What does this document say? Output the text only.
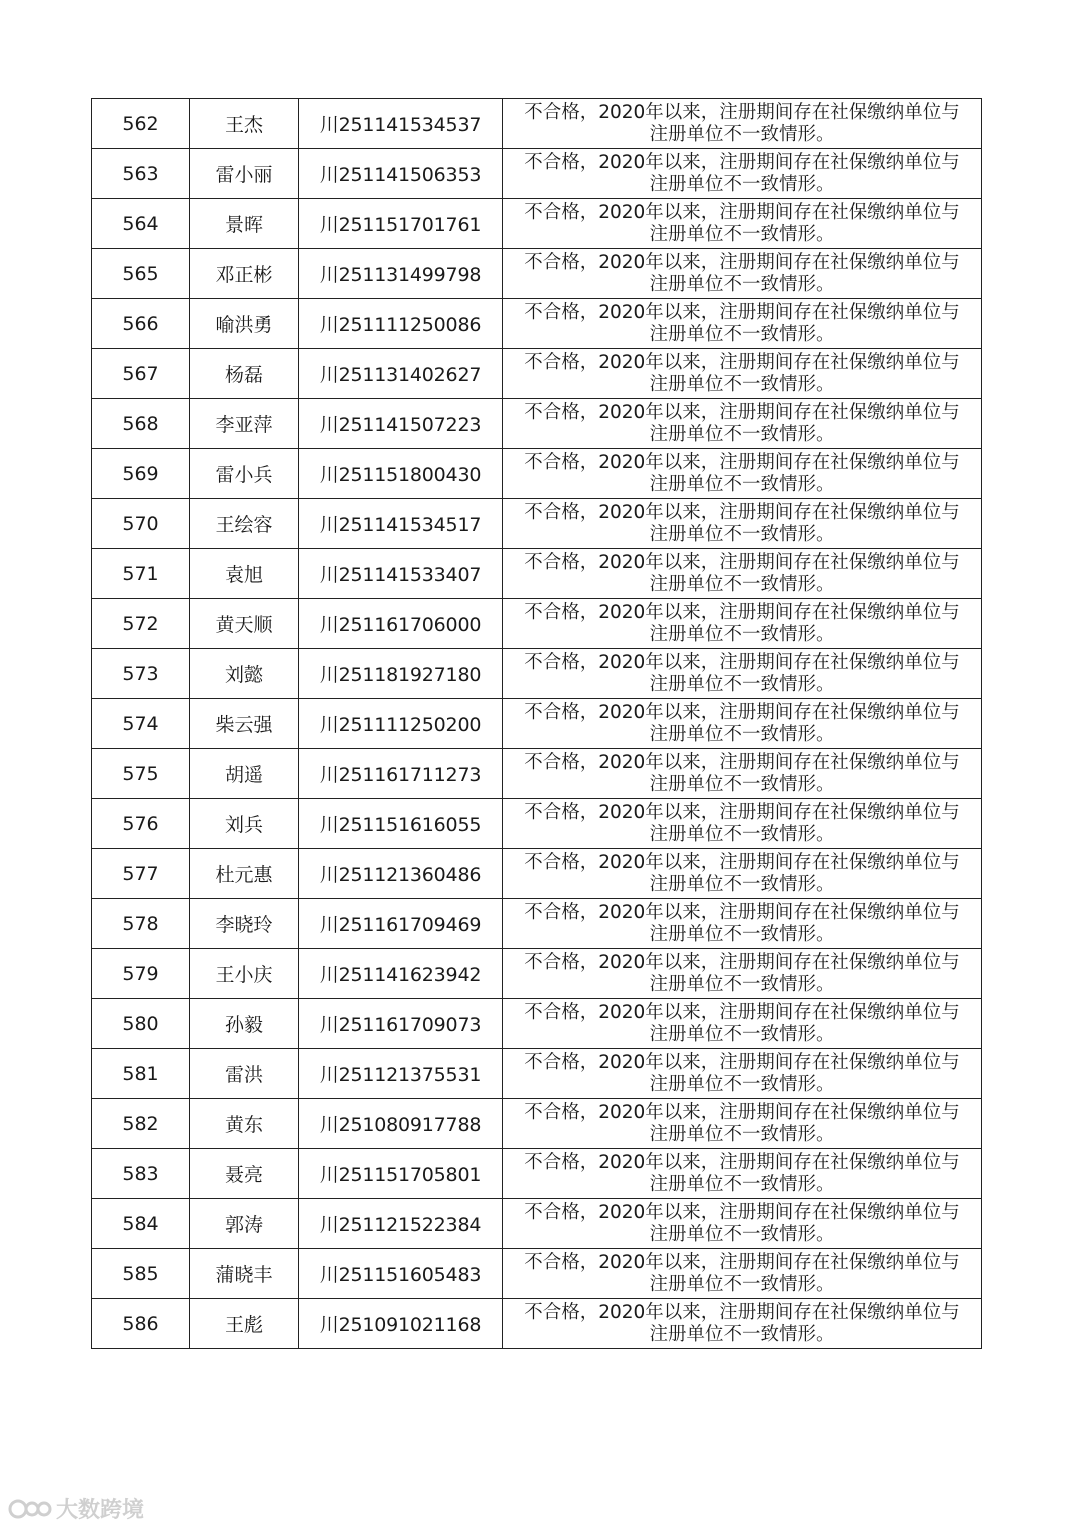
562	王杰	川251141534537	不合格，2020年以来，注册期间存在社保缴纳单位与
注册单位不一致情形。

563	雷小丽	川251141506353	不合格，2020年以来，注册期间存在社保缴纳单位与
注册单位不一致情形。

564	景晖	川251151701761	不合格，2020年以来，注册期间存在社保缴纳单位与
注册单位不一致情形。

565	邓正彬	川251131499798	不合格，2020年以来，注册期间存在社保缴纳单位与
注册单位不一致情形。

566	喻洪勇	川251111250086	不合格，2020年以来，注册期间存在社保缴纳单位与
注册单位不一致情形。

567	杨磊	川251131402627	不合格，2020年以来，注册期间存在社保缴纳单位与
注册单位不一致情形。

568	李亚萍	川251141507223	不合格，2020年以来，注册期间存在社保缴纳单位与
注册单位不一致情形。

569	雷小兵	川251151800430	不合格，2020年以来，注册期间存在社保缴纳单位与
注册单位不一致情形。

570	王绘容	川251141534517	不合格，2020年以来，注册期间存在社保缴纳单位与
注册单位不一致情形。

571	袁旭	川251141533407	不合格，2020年以来，注册期间存在社保缴纳单位与
注册单位不一致情形。

572	黄天顺	川251161706000	不合格，2020年以来，注册期间存在社保缴纳单位与
注册单位不一致情形。

573	刘懿	川251181927180	不合格，2020年以来，注册期间存在社保缴纳单位与
注册单位不一致情形。

574	柴云强	川251111250200	不合格，2020年以来，注册期间存在社保缴纳单位与
注册单位不一致情形。

575	胡遥	川251161711273	不合格，2020年以来，注册期间存在社保缴纳单位与
注册单位不一致情形。

576	刘兵	川251151616055	不合格，2020年以来，注册期间存在社保缴纳单位与
注册单位不一致情形。

577	杜元惠	川251121360486	不合格，2020年以来，注册期间存在社保缴纳单位与
注册单位不一致情形。

578	李晓玲	川251161709469	不合格，2020年以来，注册期间存在社保缴纳单位与
注册单位不一致情形。

579	王小庆	川251141623942	不合格，2020年以来，注册期间存在社保缴纳单位与
注册单位不一致情形。

580	孙毅	川251161709073	不合格，2020年以来，注册期间存在社保缴纳单位与
注册单位不一致情形。

581	雷洪	川251121375531	不合格，2020年以来，注册期间存在社保缴纳单位与
注册单位不一致情形。

582	黄东	川251080917788	不合格，2020年以来，注册期间存在社保缴纳单位与
注册单位不一致情形。

583	聂亮	川251151705801	不合格，2020年以来，注册期间存在社保缴纳单位与
注册单位不一致情形。

584	郭涛	川251121522384	不合格，2020年以来，注册期间存在社保缴纳单位与
注册单位不一致情形。

585	蒲晓丰	川251151605483	不合格，2020年以来，注册期间存在社保缴纳单位与
注册单位不一致情形。

586	王彪	川251091021168	不合格，2020年以来，注册期间存在社保缴纳单位与
注册单位不一致情形。
大数跨境
